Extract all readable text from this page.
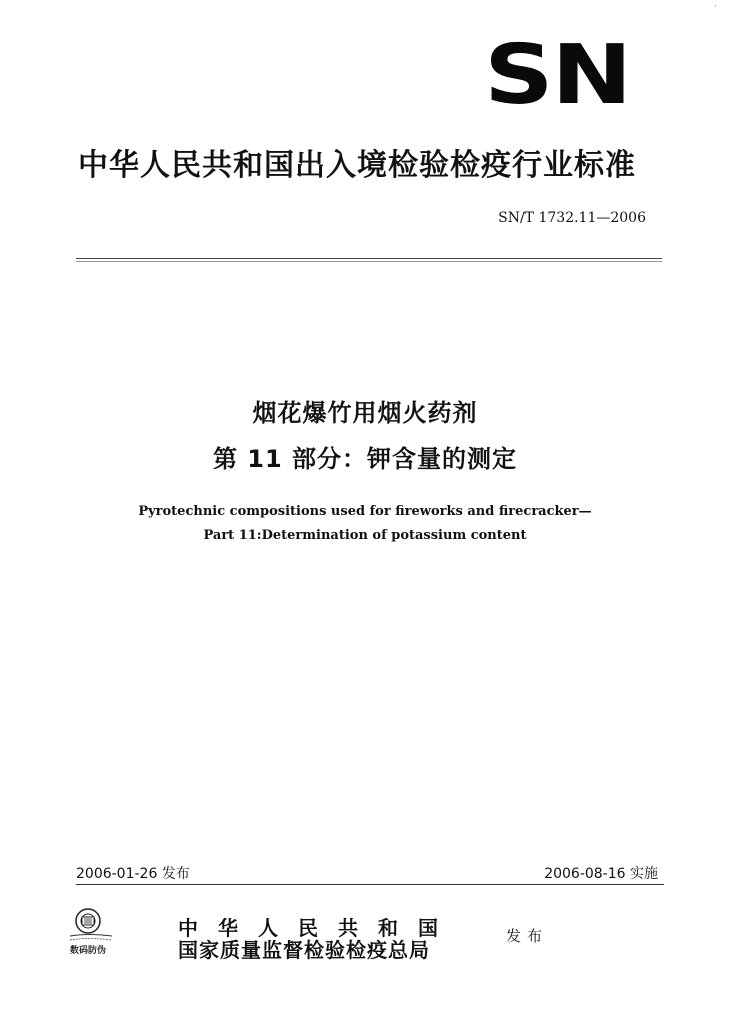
·
SN
中华人民共和国出入境检验检疫行业标准
SN/T 1732.11—2006
烟花爆竹用烟火药剂
第 11 部分：钾含量的测定
Pyrotechnic compositions used for fireworks and firecracker—
Part 11:Determination of potassium content
2006-01-26 发布	2006-08-16 实施
数码防伪
中华人民共和国
国家质量监督检验检疫总局
发布
